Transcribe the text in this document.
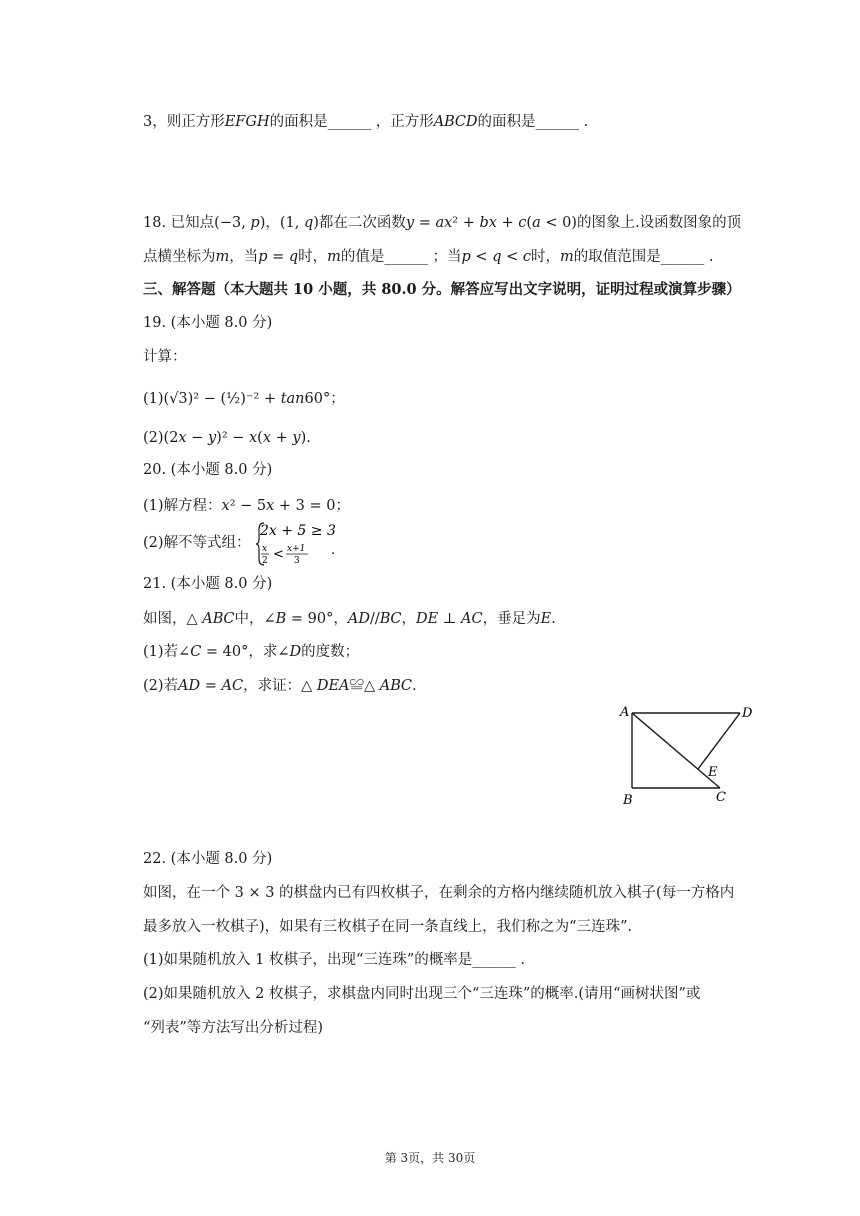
3，则正方形𝐸𝐹𝐺𝐻的面积是______ ，正方形𝐴𝐵𝐶𝐷的面积是______ .
18. 已知点(−3, 𝑝)，(1, 𝑞)都在二次函数𝑦 = 𝑎𝑥² + 𝑏𝑥 + 𝑐(𝑎 < 0)的图象上.设函数图象的顶
点横坐标为𝑚，当𝑝 = 𝑞时，𝑚的值是______ ；当𝑝 < 𝑞 < 𝑐时，𝑚的取值范围是______ .
三、解答题（本大题共 10 小题，共 80.0 分。解答应写出文字说明，证明过程或演算步骤）
19. (本小题 8.0 分)
计算：
(1)(√3)² − (½)⁻² + 𝑡𝑎𝑛60°；
(2)(2𝑥 − 𝑦)² − 𝑥(𝑥 + 𝑦).
20. (本小题 8.0 分)
(1)解方程：𝑥² − 5𝑥 + 3 = 0；
(2)解不等式组：
2𝑥 + 5 ≥ 3
𝑥
2 < 𝑥+1
3
.
21. (本小题 8.0 分)
如图，△ 𝐴𝐵𝐶中，∠𝐵 = 90°，𝐴𝐷//𝐵𝐶，𝐷𝐸 ⊥ 𝐴𝐶，垂足为𝐸.
(1)若∠𝐶 = 40°，求∠𝐷的度数；
(2)若𝐴𝐷 = 𝐴𝐶，求证：△ 𝐷𝐸𝐴≌△ 𝐴𝐵𝐶.
A	D
E
B	C
22. (本小题 8.0 分)
如图，在一个 3 × 3 的棋盘内已有四枚棋子，在剩余的方格内继续随机放入棋子(每一方格内
最多放入一枚棋子)，如果有三枚棋子在同一条直线上，我们称之为“三连珠”.
(1)如果随机放入 1 枚棋子，出现“三连珠”的概率是______ .
(2)如果随机放入 2 枚棋子，求棋盘内同时出现三个“三连珠”的概率.(请用“画树状图”或
“列表”等方法写出分析过程)
第 3页，共 30页
